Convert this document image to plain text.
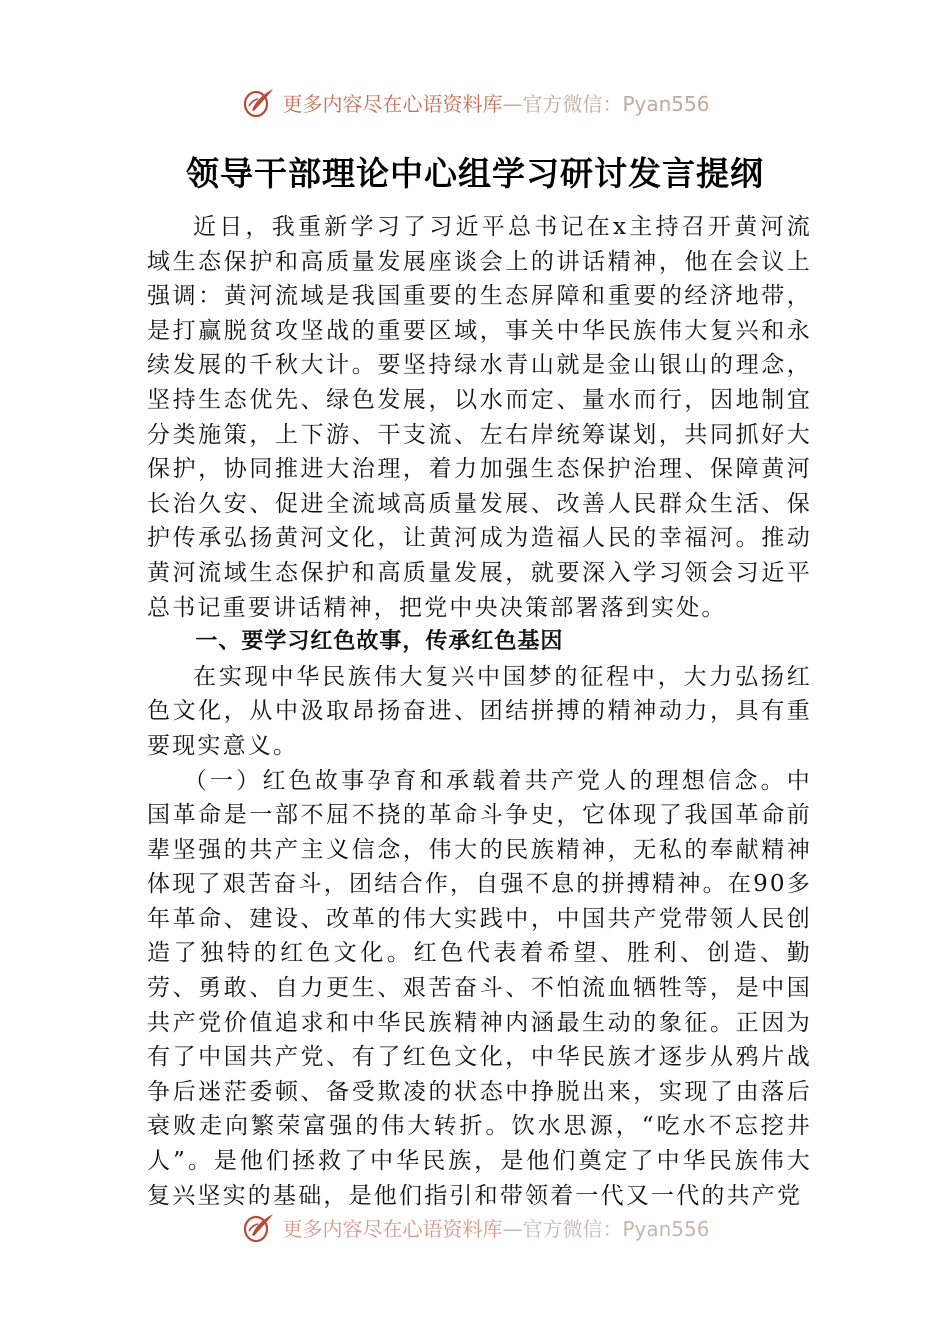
更多内容尽在心语资料库—官方微信：Pyan556
领导干部理论中心组学习研讨发言提纲

近日，我重新学习了习近平总书记在x主持召开黄河流域生态保护和高质量发展座谈会上的讲话精神，他在会议上强调：黄河流域是我国重要的生态屏障和重要的经济地带，是打赢脱贫攻坚战的重要区域，事关中华民族伟大复兴和永续发展的千秋大计。要坚持绿水青山就是金山银山的理念，坚持生态优先、绿色发展，以水而定、量水而行，因地制宜分类施策，上下游、干支流、左右岸统筹谋划，共同抓好大保护，协同推进大治理，着力加强生态保护治理、保障黄河长治久安、促进全流域高质量发展、改善人民群众生活、保护传承弘扬黄河文化，让黄河成为造福人民的幸福河。推动黄河流域生态保护和高质量发展，就要深入学习领会习近平总书记重要讲话精神，把党中央决策部署落到实处。

一、要学习红色故事，传承红色基因

在实现中华民族伟大复兴中国梦的征程中，大力弘扬红色文化，从中汲取昂扬奋进、团结拼搏的精神动力，具有重要现实意义。

（一）红色故事孕育和承载着共产党人的理想信念。中国革命是一部不屈不挠的革命斗争史，它体现了我国革命前辈坚强的共产主义信念，伟大的民族精神，无私的奉献精神体现了艰苦奋斗，团结合作，自强不息的拼搏精神。在90多年革命、建设、改革的伟大实践中，中国共产党带领人民创造了独特的红色文化。红色代表着希望、胜利、创造、勤劳、勇敢、自力更生、艰苦奋斗、不怕流血牺牲等，是中国共产党价值追求和中华民族精神内涵最生动的象征。正因为有了中国共产党、有了红色文化，中华民族才逐步从鸦片战争后迷茫委顿、备受欺凌的状态中挣脱出来，实现了由落后衰败走向繁荣富强的伟大转折。饮水思源，“吃水不忘挖井人”。是他们拯救了中华民族，是他们奠定了中华民族伟大复兴坚实的基础，是他们指引和带领着一代又一代的共产党

更多内容尽在心语资料库—官方微信：Pyan556
